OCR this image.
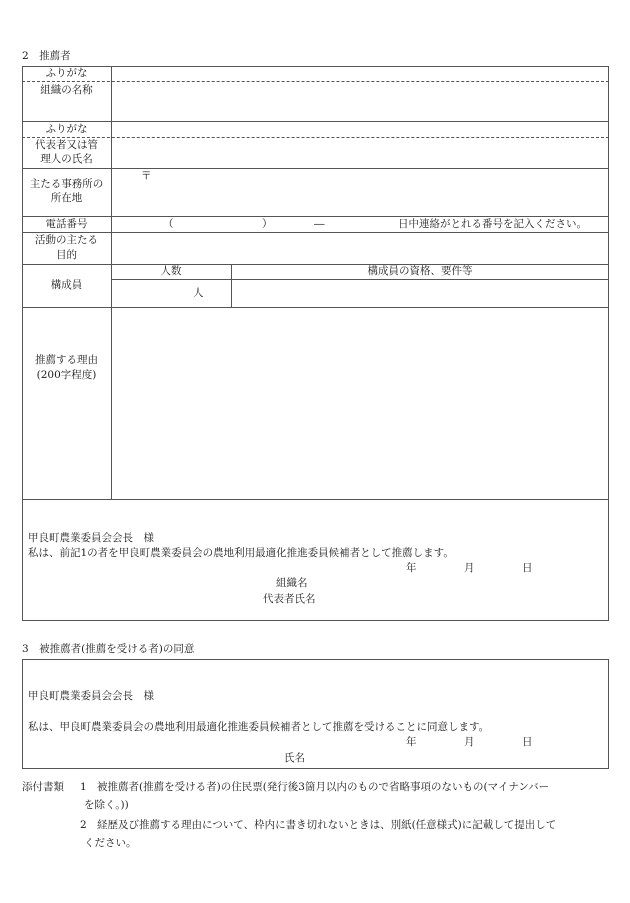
2　推薦者
ふりがな
組織の名称
ふりがな
代表者又は管
理人の氏名
主たる事務所の
所在地
〒
電話番号	（	）	―	日中連絡がとれる番号を記入ください。
活動の主たる
目的
構成員
人数	構成員の資格、要件等
人
推薦する理由
(200字程度)
甲良町農業委員会会長　様
私は、前記1の者を甲良町農業委員会の農地利用最適化推進委員候補者として推薦します。
年	月	日
組織名
代表者氏名
3　被推薦者(推薦を受ける者)の同意
甲良町農業委員会会長　様
私は、甲良町農業委員会の農地利用最適化推進委員候補者として推薦を受けることに同意します。
年	月	日
氏名
添付書類 1 被推薦者(推薦を受ける者)の住民票(発行後3箇月以内のもので省略事項のないもの(マイナンバー
を除く。))
2 経歴及び推薦する理由について、枠内に書き切れないときは、別紙(任意様式)に記載して提出して
ください。
